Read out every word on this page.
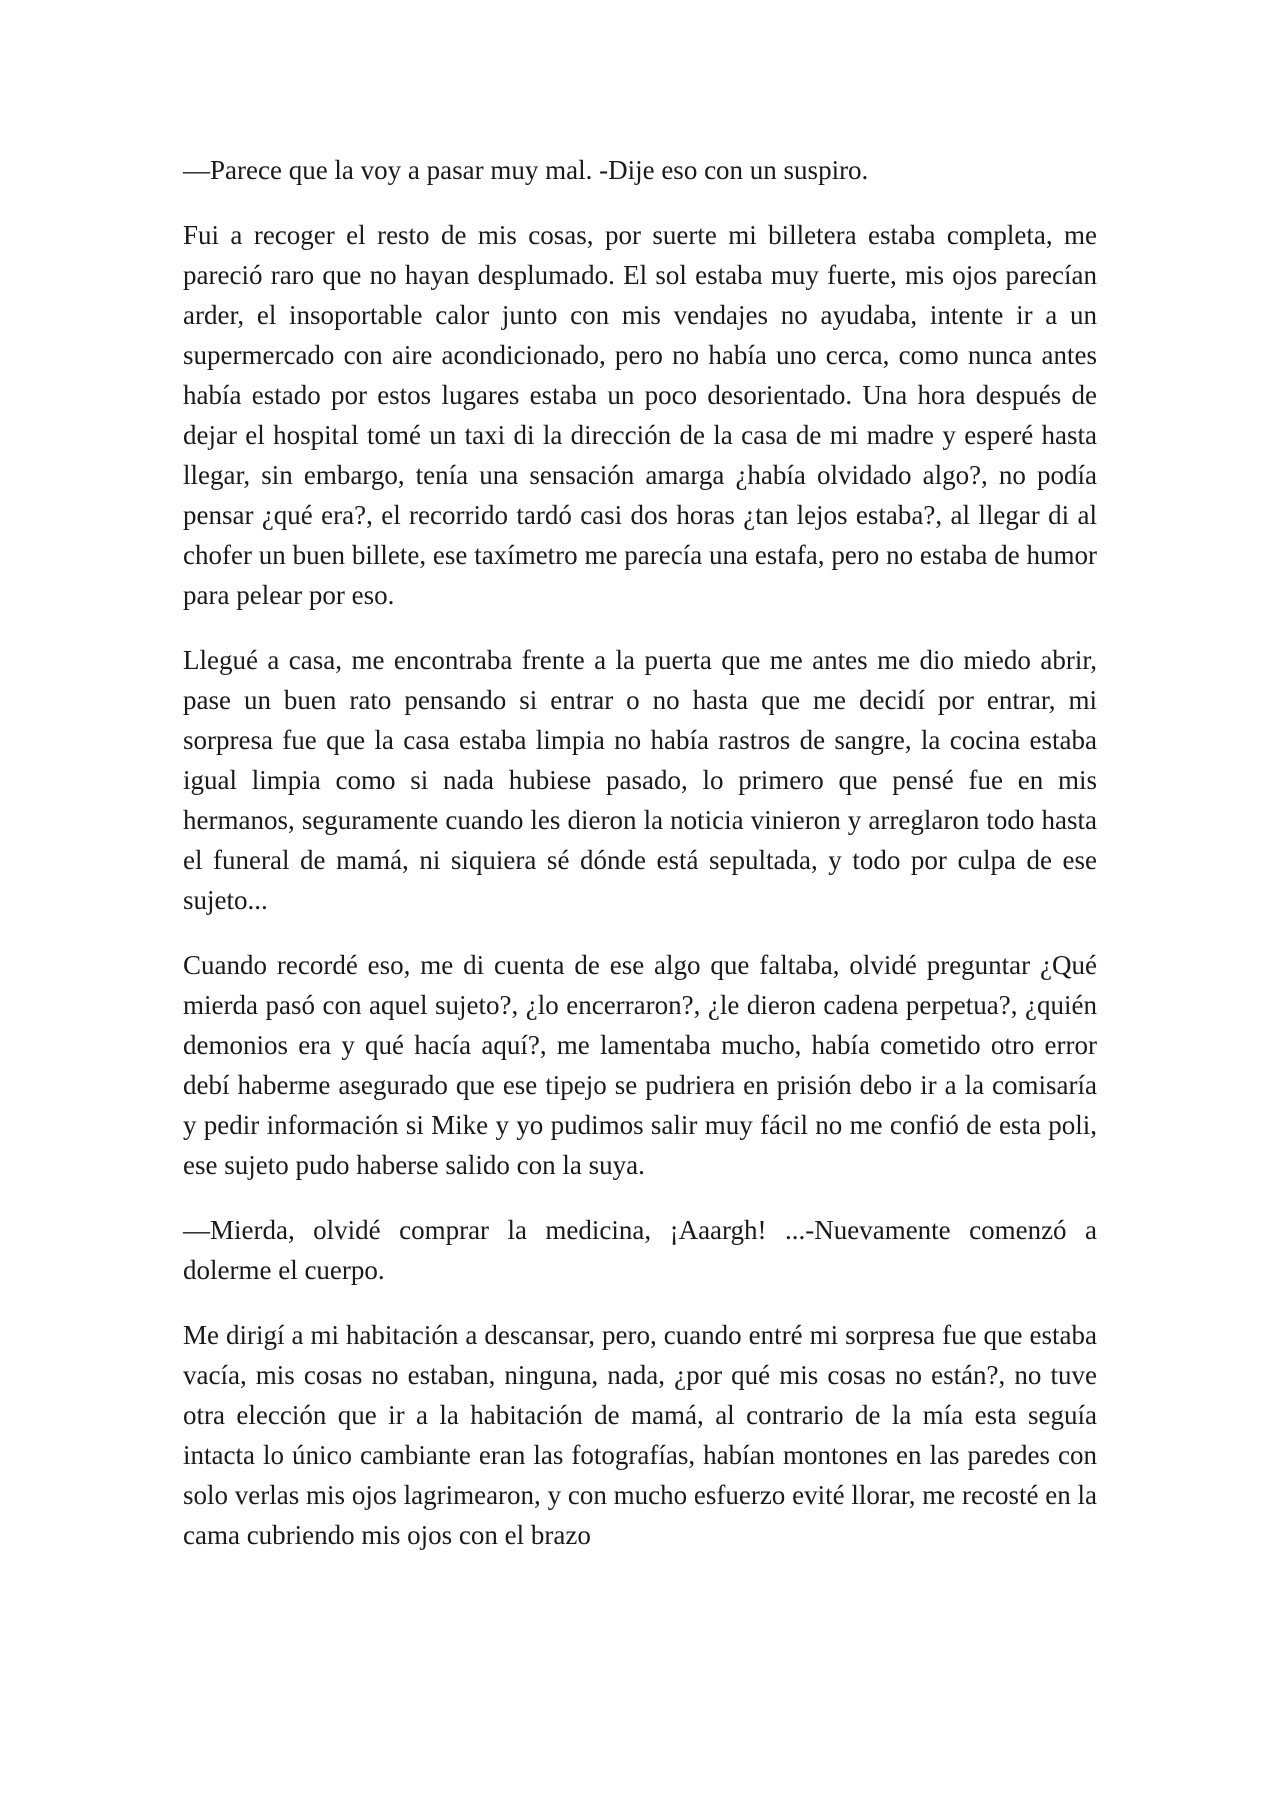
—Parece que la voy a pasar muy mal. -Dije eso con un suspiro.

Fui a recoger el resto de mis cosas, por suerte mi billetera estaba completa, me pareció raro que no hayan desplumado. El sol estaba muy fuerte, mis ojos parecían arder, el insoportable calor junto con mis vendajes no ayudaba, intente ir a un supermercado con aire acondicionado, pero no había uno cerca, como nunca antes había estado por estos lugares estaba un poco desorientado. Una hora después de dejar el hospital tomé un taxi di la dirección de la casa de mi madre y esperé hasta llegar, sin embargo, tenía una sensación amarga ¿había olvidado algo?, no podía pensar ¿qué era?, el recorrido tardó casi dos horas ¿tan lejos estaba?, al llegar di al chofer un buen billete, ese taxímetro me parecía una estafa, pero no estaba de humor para pelear por eso.

Llegué a casa, me encontraba frente a la puerta que me antes me dio miedo abrir, pase un buen rato pensando si entrar o no hasta que me decidí por entrar, mi sorpresa fue que la casa estaba limpia no había rastros de sangre, la cocina estaba igual limpia como si nada hubiese pasado, lo primero que pensé fue en mis hermanos, seguramente cuando les dieron la noticia vinieron y arreglaron todo hasta el funeral de mamá, ni siquiera sé dónde está sepultada, y todo por culpa de ese sujeto...

Cuando recordé eso, me di cuenta de ese algo que faltaba, olvidé preguntar ¿Qué mierda pasó con aquel sujeto?, ¿lo encerraron?, ¿le dieron cadena perpetua?, ¿quién demonios era y qué hacía aquí?, me lamentaba mucho, había cometido otro error debí haberme asegurado que ese tipejo se pudriera en prisión debo ir a la comisaría y pedir información si Mike y yo pudimos salir muy fácil no me confió de esta poli, ese sujeto pudo haberse salido con la suya.

—Mierda, olvidé comprar la medicina, ¡Aaargh! ...-Nuevamente comenzó a dolerme el cuerpo.

Me dirigí a mi habitación a descansar, pero, cuando entré mi sorpresa fue que estaba vacía, mis cosas no estaban, ninguna, nada, ¿por qué mis cosas no están?, no tuve otra elección que ir a la habitación de mamá, al contrario de la mía esta seguía intacta lo único cambiante eran las fotografías, habían montones en las paredes con solo verlas mis ojos lagrimearon, y con mucho esfuerzo evité llorar, me recosté en la cama cubriendo mis ojos con el brazo
